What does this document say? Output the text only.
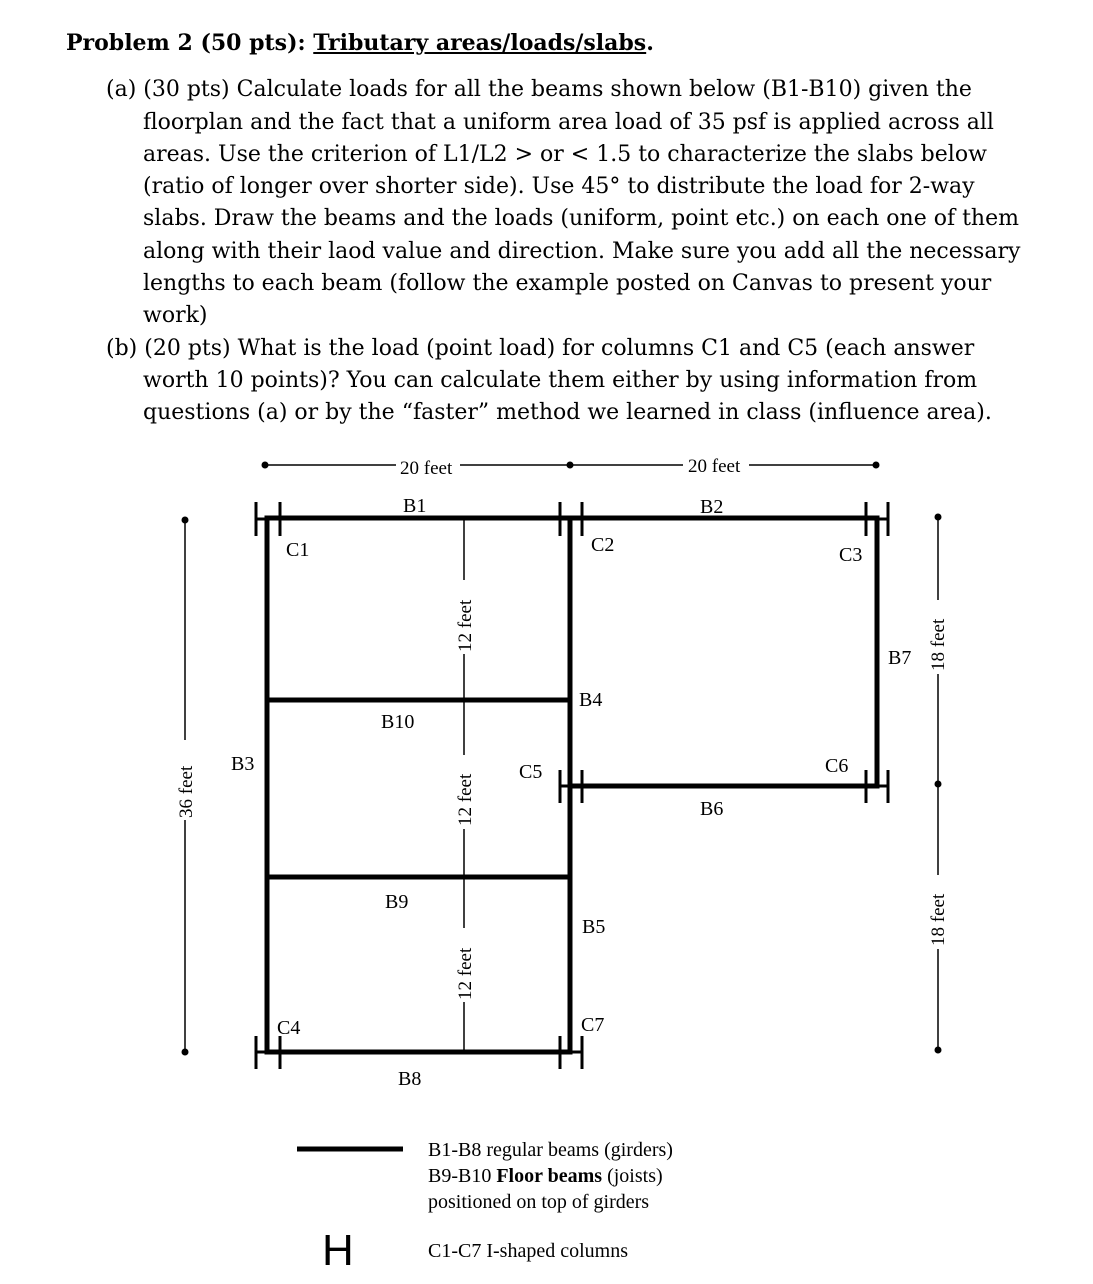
Problem 2 (50 pts): Tributary areas/loads/slabs.
(a) (30 pts) Calculate loads for all the beams shown below (B1-B10) given the
floorplan and the fact that a uniform area load of 35 psf is applied across all
areas. Use the criterion of L1/L2 > or < 1.5 to characterize the slabs below
(ratio of longer over shorter side). Use 45° to distribute the load for 2-way
slabs. Draw the beams and the loads (uniform, point etc.) on each one of them
along with their laod value and direction. Make sure you add all the necessary
lengths to each beam (follow the example posted on Canvas to present your
work)
(b) (20 pts) What is the load (point load) for columns C1 and C5 (each answer
worth 10 points)? You can calculate them either by using information from
questions (a) or by the “faster” method we learned in class (influence area).
20 feet	20 feet
36 feet
12 feet
12 feet
12 feet
18 feet
18 feet
B1	B2
B3
B4
B5
B6
B7
B8
B9
B10
C1	C2	C3
C4
C5	C6
C7
B1-B8 regular beams (girders)
B9-B10 Floor beams (joists)
positioned on top of girders
H	C1-C7 I-shaped columns
